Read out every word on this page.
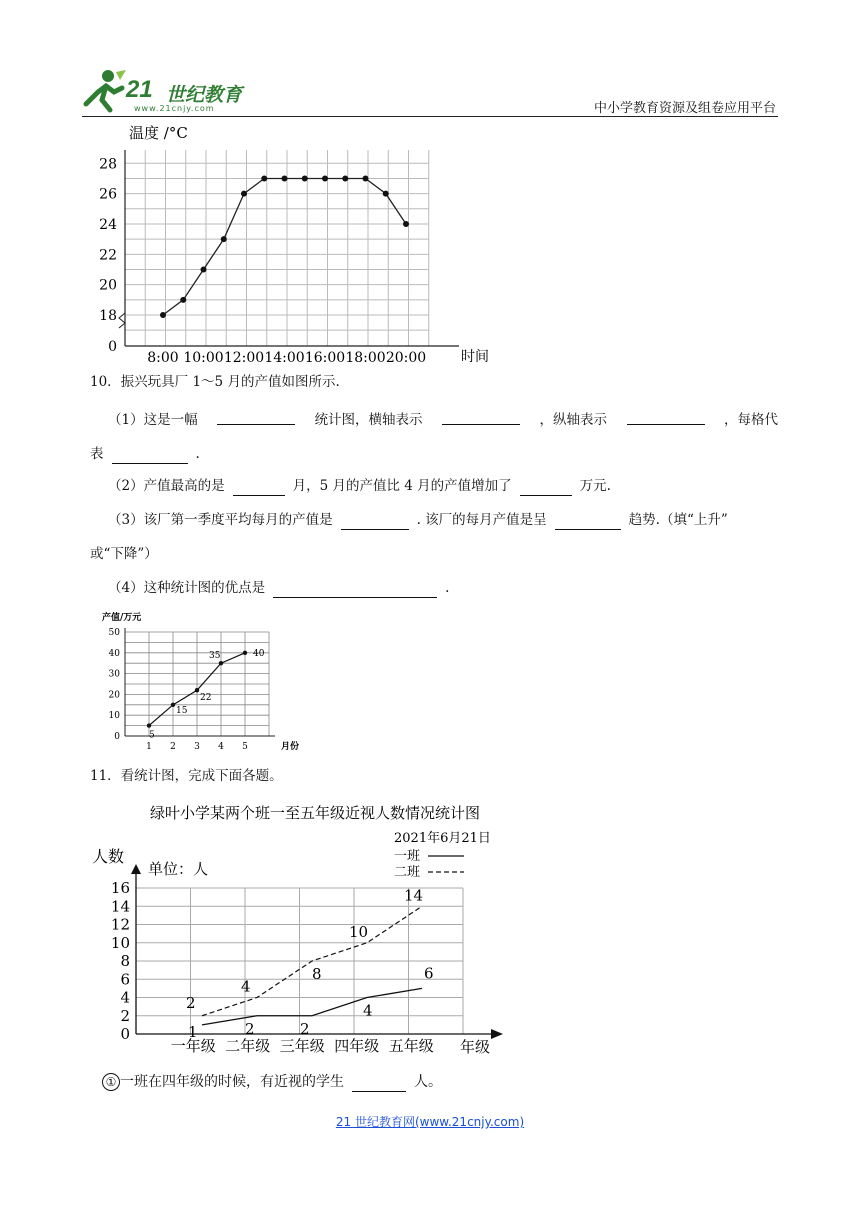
21 世纪教育
www.21cnjy.com	中小学教育资源及组卷应用平台
温度 /°C
时间
0
18
20
22
24
26
28
8:00 10:00 12:00 14:00 16:00 18:00 20:00
10．振兴玩具厂 1～5 月的产值如图所示.
（1）这是一幅	统计图，横轴表示	，纵轴表示	，每格代
表	.
（2）产值最高的是	月，5 月的产值比 4 月的产值增加了	万元.
（3）该厂第一季度平均每月的产值是	. 该厂的每月产值是呈	趋势.（填“上升”
或“下降”）
（4）这种统计图的优点是	.
产值/万元
月份
0
10
20
30
40
50
1 2 3 4 5
5
15
22
35	40
11．看统计图，完成下面各题。
绿叶小学某两个班一至五年级近视人数情况统计图
2021年6月21日
一班
二班
人数
单位：人
年级
0
2
4
6
8
10
12
14
16
一年级 二年级 三年级 四年级 五年级
2
4
8
10
14
1	2	2
4
6
① 一班在四年级的时候，有近视的学生	人。
21 世纪教育网(www.21cnjy.com)
